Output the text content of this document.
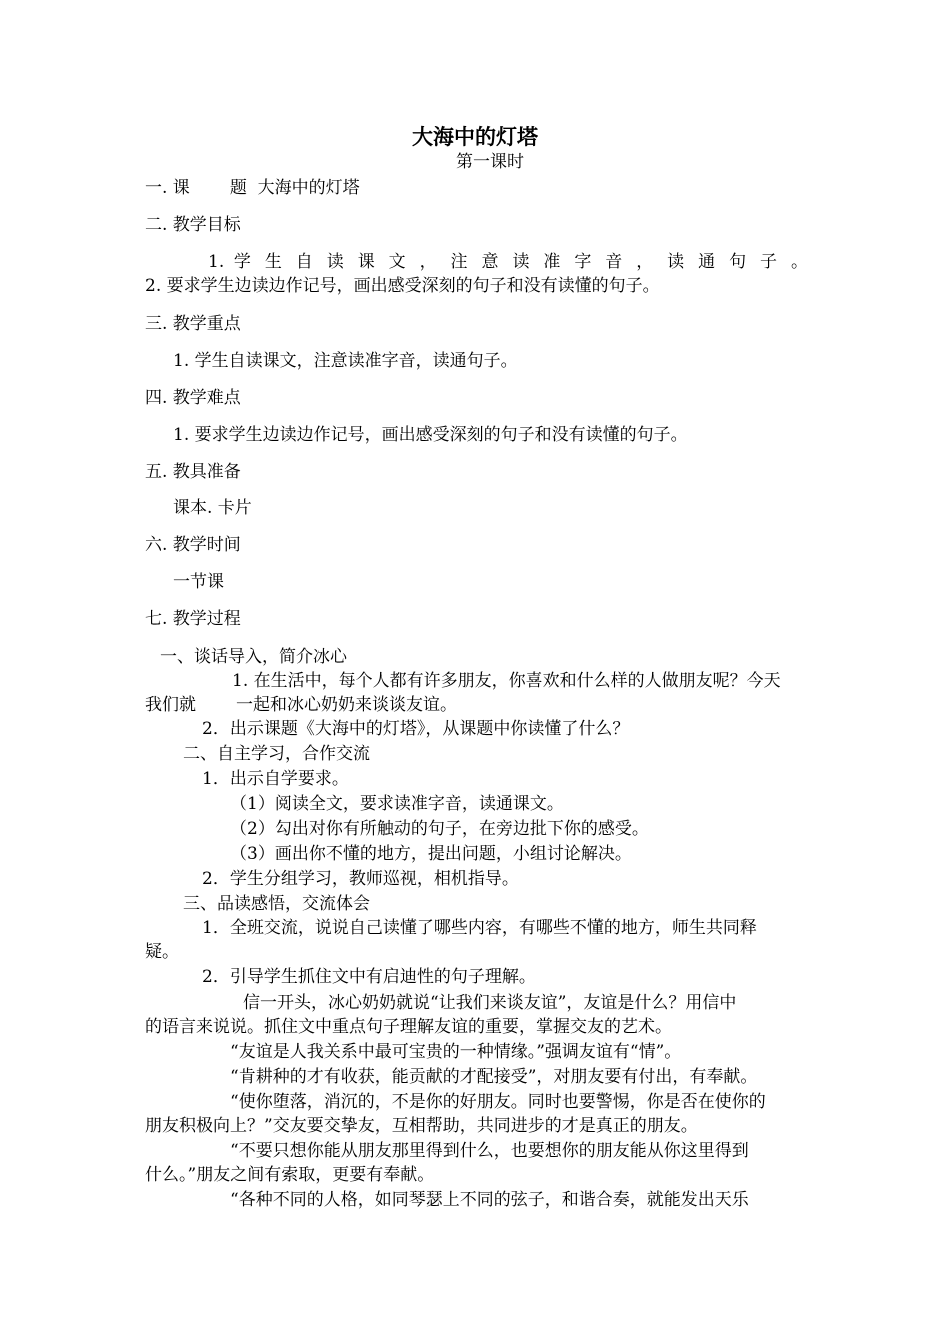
大海中的灯塔
第一课时
一. 课 题 大海中的灯塔
二. 教学目标
1. 学 生 自 读 课 文 ， 注 意 读 准 字 音 ， 读 通 句 子 。
2. 要求学生边读边作记号，画出感受深刻的句子和没有读懂的句子。
三. 教学重点
1. 学生自读课文，注意读准字音，读通句子。
四. 教学难点
1. 要求学生边读边作记号，画出感受深刻的句子和没有读懂的句子。
五. 教具准备
课本. 卡片
六. 教学时间
一节课
七. 教学过程
一、谈话导入，简介冰心
1. 在生活中，每个人都有许多朋友，你喜欢和什么样的人做朋友呢？今天
我们就 一起和冰心奶奶来谈谈友谊。
2．出示课题《大海中的灯塔》，从课题中你读懂了什么？
二、自主学习，合作交流
1．出示自学要求。
（1）阅读全文，要求读准字音，读通课文。
（2）勾出对你有所触动的句子，在旁边批下你的感受。
（3）画出你不懂的地方，提出问题，小组讨论解决。
2．学生分组学习，教师巡视，相机指导。
三、品读感悟，交流体会
1．全班交流，说说自己读懂了哪些内容，有哪些不懂的地方，师生共同释
疑。
2．引导学生抓住文中有启迪性的句子理解。
信一开头，冰心奶奶就说“让我们来谈友谊”，友谊是什么？用信中
的语言来说说。抓住文中重点句子理解友谊的重要，掌握交友的艺术。
“友谊是人我关系中最可宝贵的一种情缘。”强调友谊有“情”。
“肯耕种的才有收获，能贡献的才配接受”，对朋友要有付出，有奉献。
“使你堕落，消沉的，不是你的好朋友。同时也要警惕，你是否在使你的
朋友积极向上？”交友要交挚友，互相帮助，共同进步的才是真正的朋友。
“不要只想你能从朋友那里得到什么，也要想你的朋友能从你这里得到
什么。”朋友之间有索取，更要有奉献。
“各种不同的人格，如同琴瑟上不同的弦子，和谐合奏，就能发出天乐
